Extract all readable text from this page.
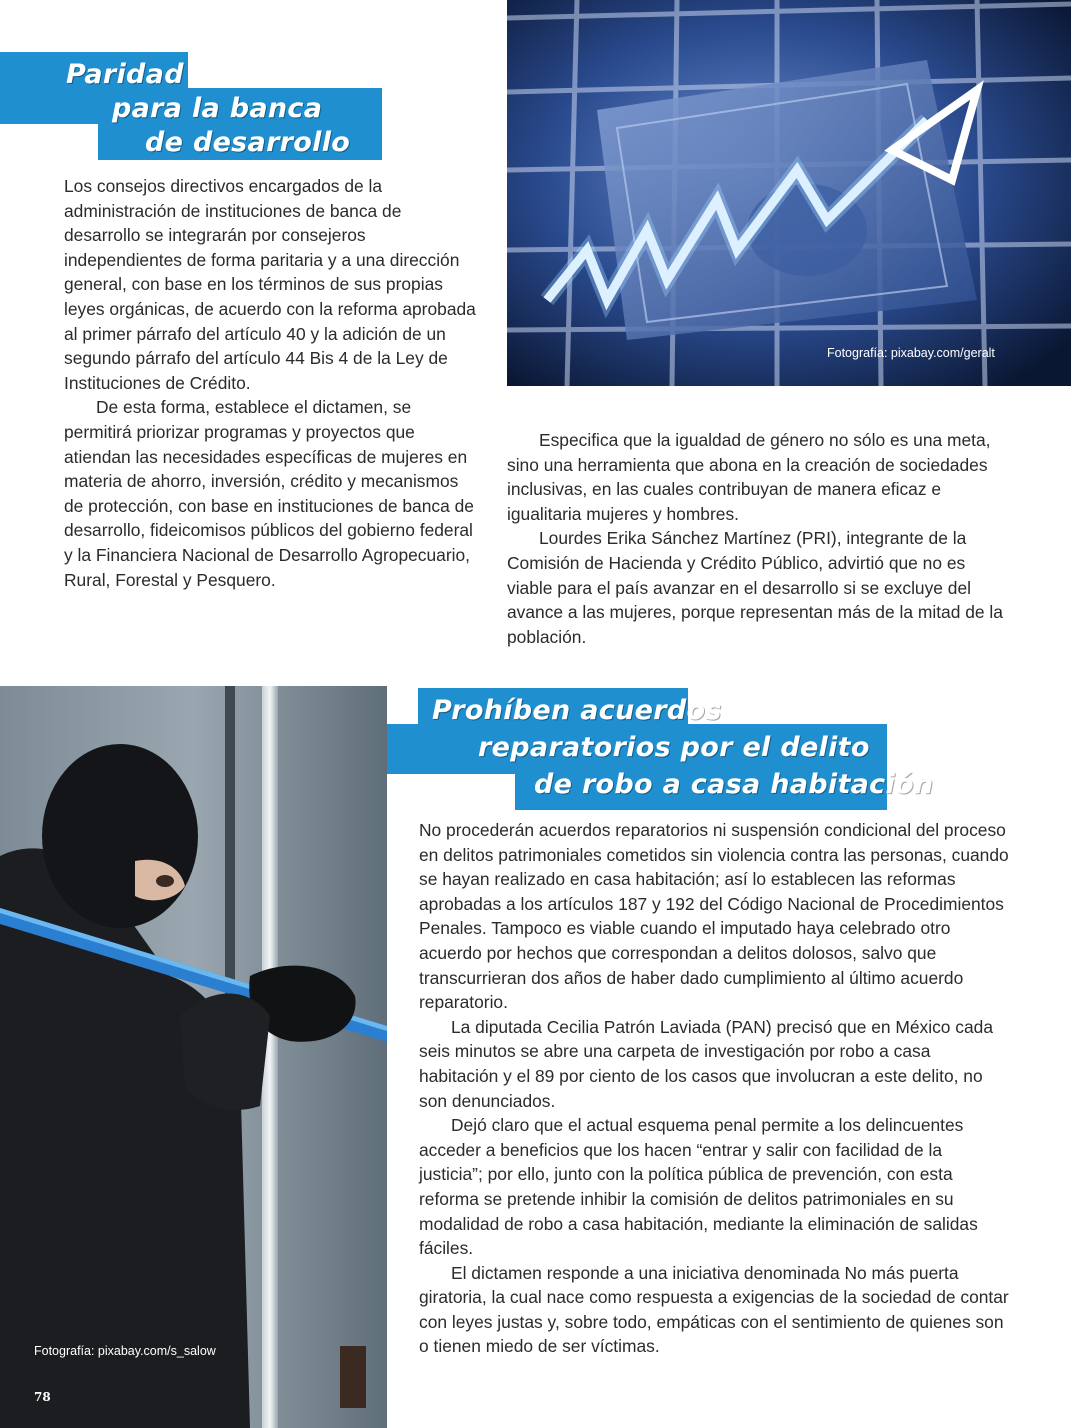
Paridad
para la banca
de desarrollo

Los consejos directivos encargados de la administración de instituciones de banca de desarrollo se integrarán por consejeros independientes de forma paritaria y a una dirección general, con base en los términos de sus propias leyes orgánicas, de acuerdo con la reforma aprobada al primer párrafo del artículo 40 y la adición de un segundo párrafo del artículo 44 Bis 4 de la Ley de Instituciones de Crédito.

De esta forma, establece el dictamen, se permitirá priorizar programas y proyectos que atiendan las necesidades específicas de mujeres en materia de ahorro, inversión, crédito y mecanismos de protección, con base en instituciones de banca de desarrollo, fideicomisos públicos del gobierno federal y la Financiera Nacional de Desarrollo Agropecuario, Rural, Forestal y Pesquero.

Fotografía: pixabay.com/geralt

Especifica que la igualdad de género no sólo es una meta, sino una herramienta que abona en la creación de sociedades inclusivas, en las cuales contribuyan de manera eficaz e igualitaria mujeres y hombres.

Lourdes Erika Sánchez Martínez (PRI), integrante de la Comisión de Hacienda y Crédito Público, advirtió que no es viable para el país avanzar en el desarrollo si se excluye del avance a las mujeres, porque representan más de la mitad de la población.

Fotografía: pixabay.com/s_salow
78
Prohíben acuerdos
reparatorios por el delito
de robo a casa habitación

No procederán acuerdos reparatorios ni suspensión condicional del proceso en delitos patrimoniales cometidos sin violencia contra las personas, cuando se hayan realizado en casa habitación; así lo establecen las reformas aprobadas a los artículos 187 y 192 del Código Nacional de Procedimientos Penales. Tampoco es viable cuando el imputado haya celebrado otro acuerdo por hechos que correspondan a delitos dolosos, salvo que transcurrieran dos años de haber dado cumplimiento al último acuerdo reparatorio.

La diputada Cecilia Patrón Laviada (PAN) precisó que en México cada seis minutos se abre una carpeta de investigación por robo a casa habitación y el 89 por ciento de los casos que involucran a este delito, no son denunciados.

Dejó claro que el actual esquema penal permite a los delincuentes acceder a beneficios que los hacen “entrar y salir con facilidad de la justicia”; por ello, junto con la política pública de prevención, con esta reforma se pretende inhibir la comisión de delitos patrimoniales en su modalidad de robo a casa habitación, mediante la eliminación de salidas fáciles.

El dictamen responde a una iniciativa denominada No más puerta giratoria, la cual nace como respuesta a exigencias de la sociedad de contar con leyes justas y, sobre todo, empáticas con el sentimiento de quienes son o tienen miedo de ser víctimas.
